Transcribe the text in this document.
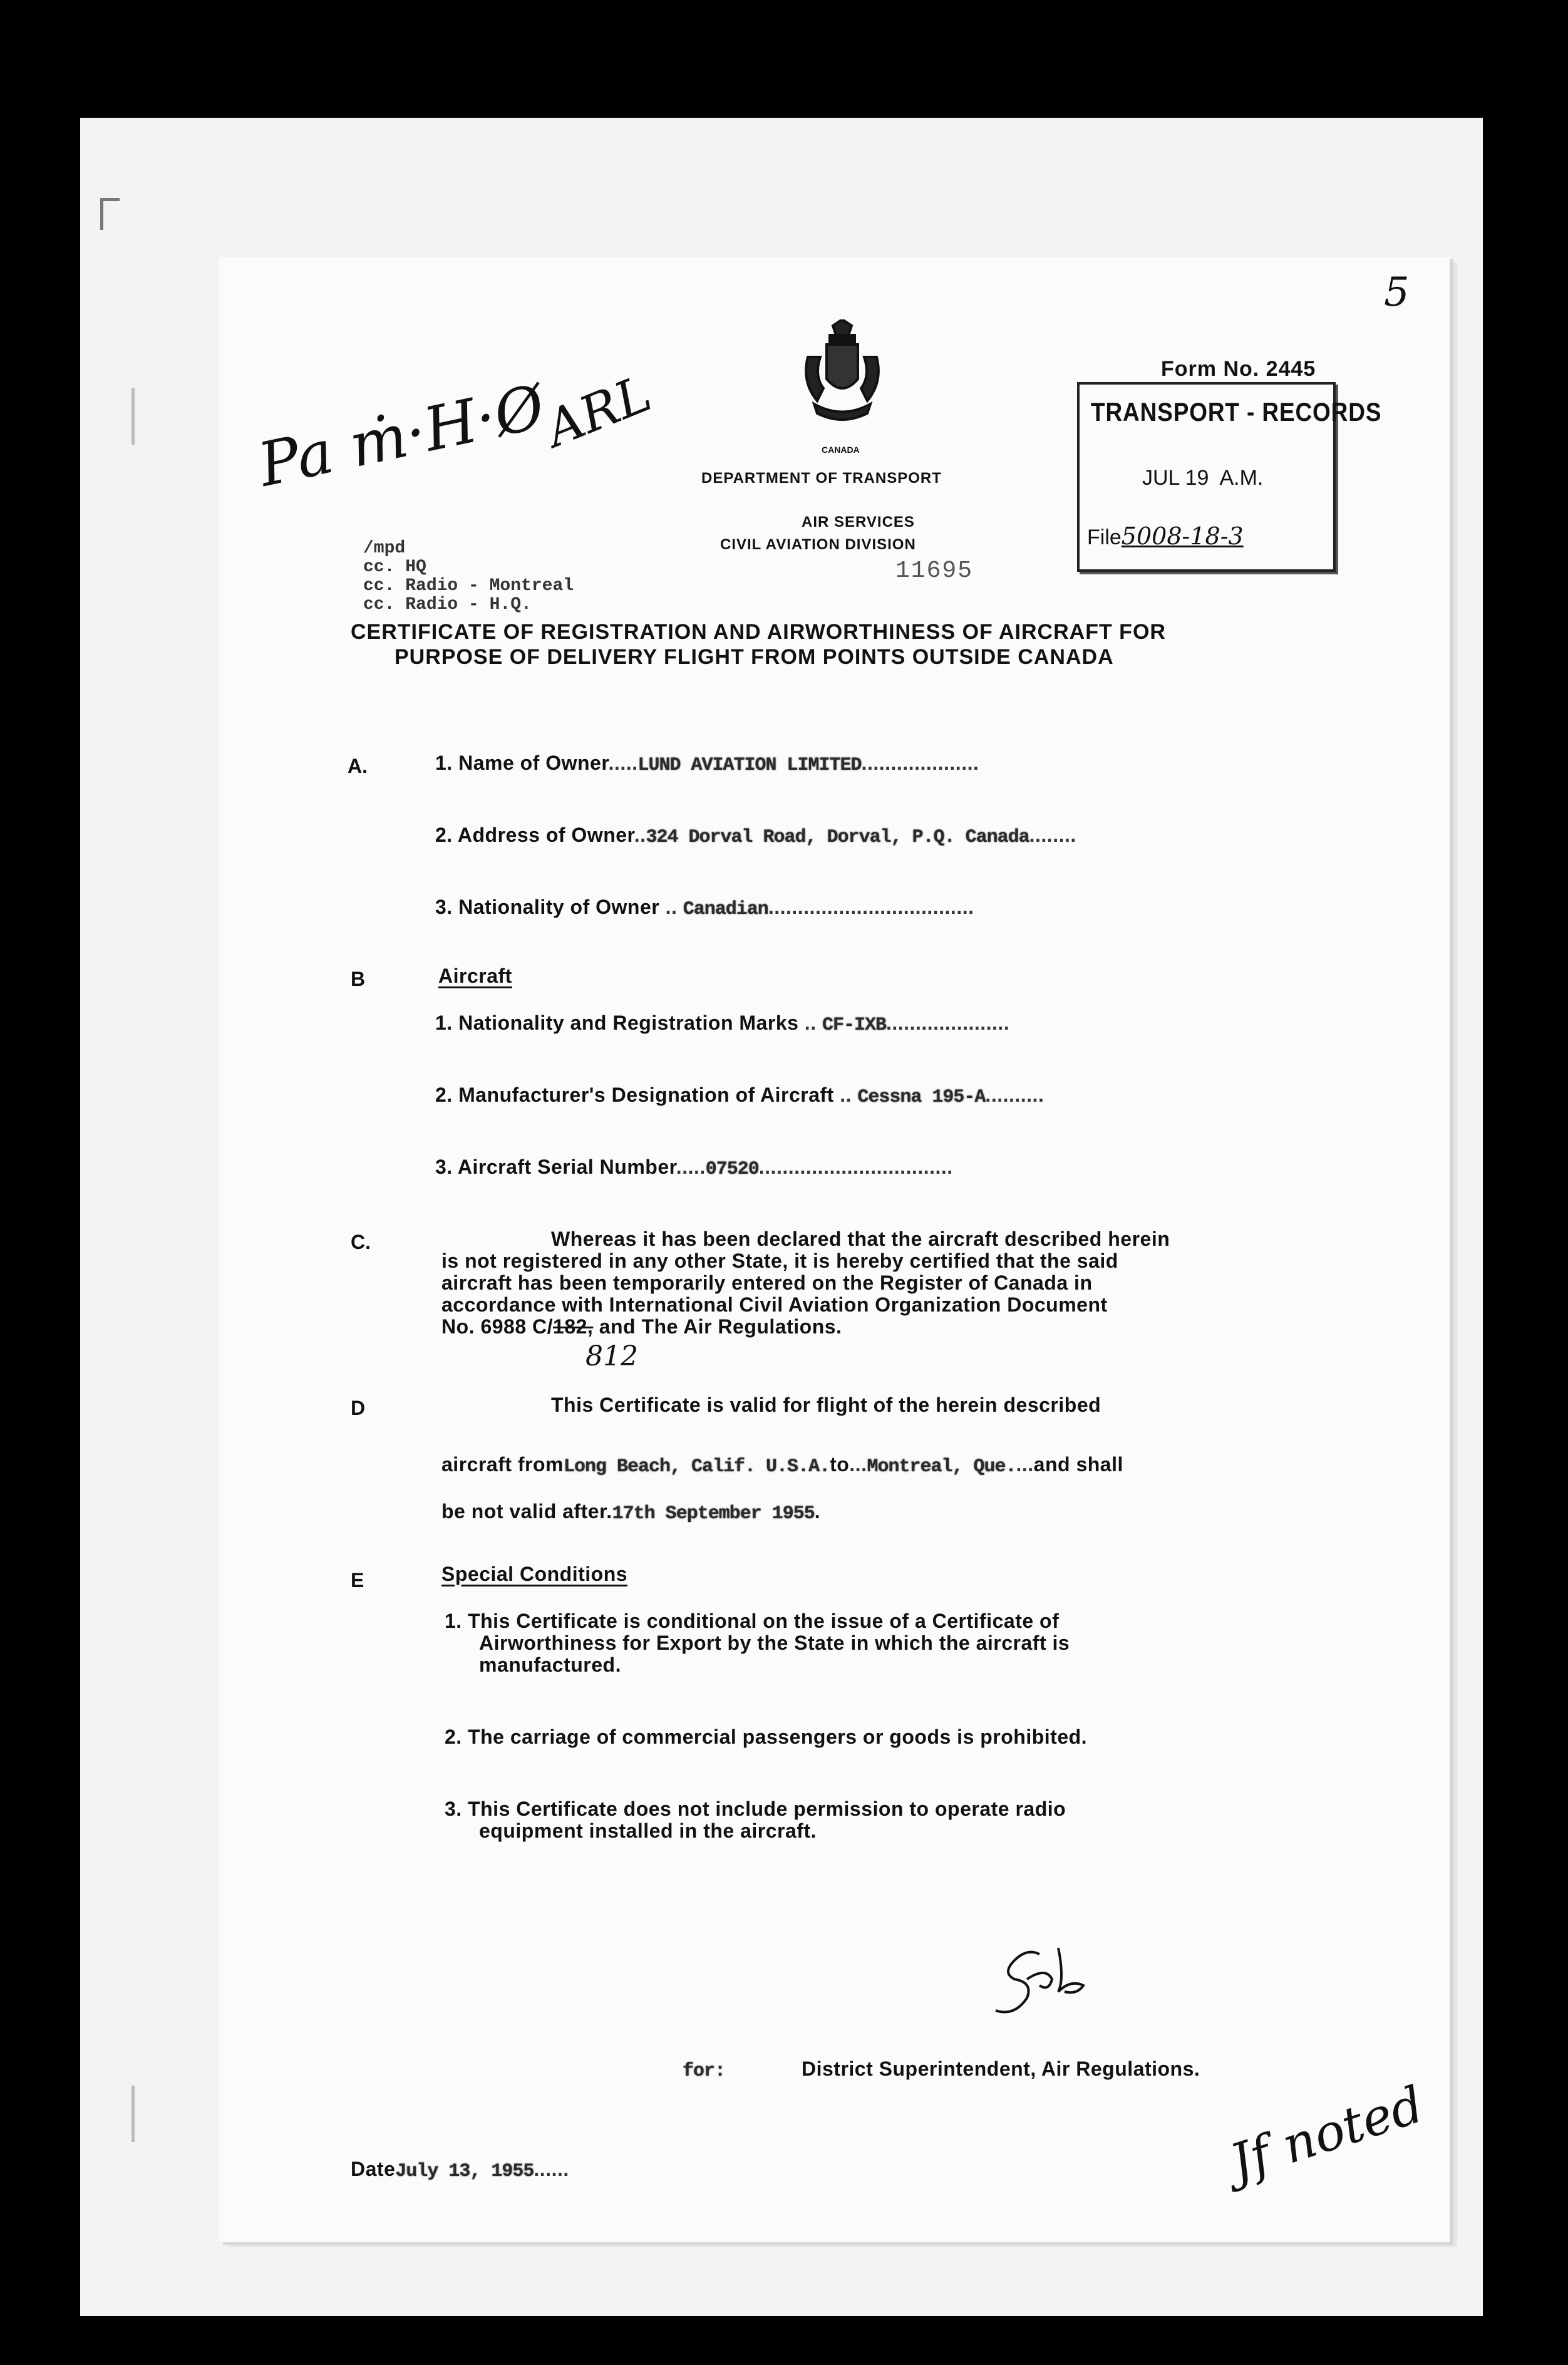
CANADA
DEPARTMENT OF TRANSPORT
AIR SERVICES
CIVIL AVIATION DIVISION
Form No. 2445
TRANSPORT - RECORDS
JUL 19  A.M.
File5008-18-3
11695
Pa ṁ·H·Ø
ARL
5
/mpd
cc. HQ
cc. Radio - Montreal
cc. Radio - H.Q.
CERTIFICATE OF REGISTRATION AND AIRWORTHINESS OF AIRCRAFT FOR
PURPOSE OF DELIVERY FLIGHT FROM POINTS OUTSIDE CANADA
A.	1. Name of Owner.....LUND AVIATION LIMITED....................
2. Address of Owner..324 Dorval Road, Dorval, P.Q. Canada........
3. Nationality of Owner .. Canadian...................................
B	Aircraft
1. Nationality and Registration Marks .. CF-IXB.....................
2. Manufacturer's Designation of Aircraft .. Cessna 195-A..........
3. Aircraft Serial Number.....07520.................................
C.	Whereas it has been declared that the aircraft described herein
is not registered in any other State, it is hereby certified that the said
aircraft has been temporarily entered on the Register of Canada in
accordance with International Civil Aviation Organization Document
No. 6988 C/182, and The Air Regulations.
812
D	This Certificate is valid for flight of the herein described
aircraft fromLong Beach, Calif. U.S.A.to...Montreal, Que....and shall
be not valid after.17th September 1955.
E	Special Conditions
1. This Certificate is conditional on the issue of a Certificate of
Airworthiness for Export by the State in which the aircraft is
manufactured.
2. The carriage of commercial passengers or goods is prohibited.
3. This Certificate does not include permission to operate radio
equipment installed in the aircraft.
for:	District Superintendent, Air Regulations.
DateJuly 13, 1955......	Jf noted
